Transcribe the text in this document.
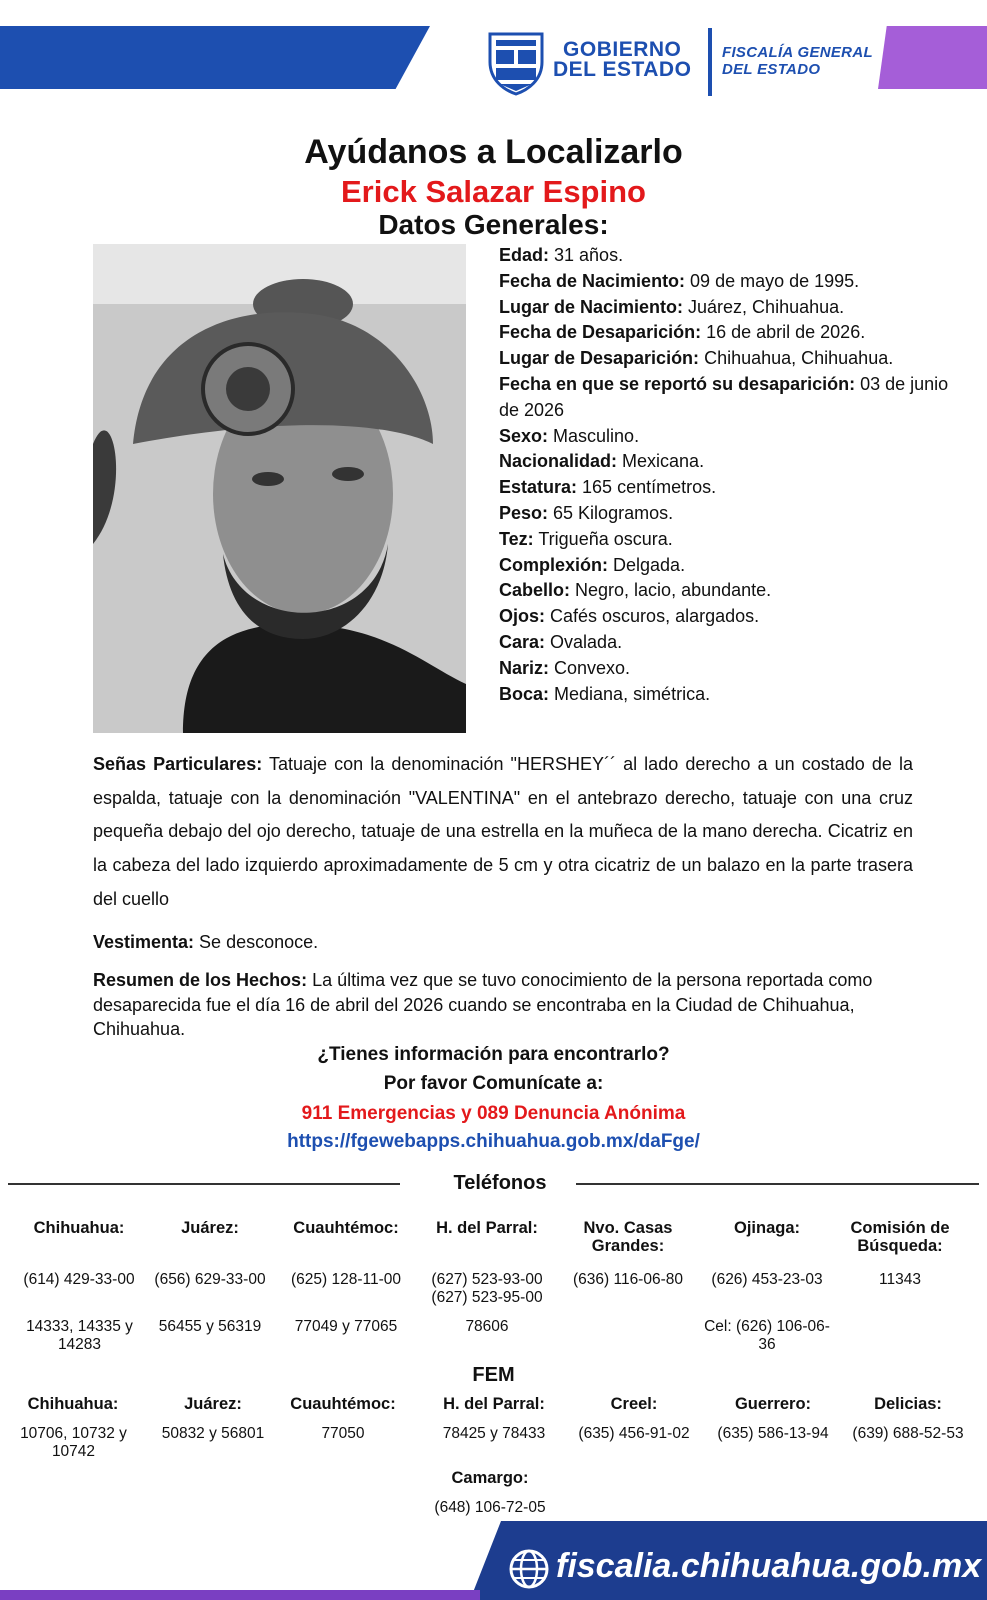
GOBIERNO
DEL ESTADO
FISCALÍA GENERAL
DEL ESTADO
Ayúdanos a Localizarlo
Erick Salazar Espino
Datos Generales:
Edad: 31 años.
Fecha de Nacimiento: 09 de mayo de 1995.
Lugar de Nacimiento: Juárez, Chihuahua.
Fecha de Desaparición: 16 de abril de 2026.
Lugar de Desaparición: Chihuahua, Chihuahua.
Fecha en que se reportó su desaparición: 03 de junio de 2026
Sexo: Masculino.
Nacionalidad: Mexicana.
Estatura: 165 centímetros.
Peso: 65 Kilogramos.
Tez: Trigueña oscura.
Complexión: Delgada.
Cabello: Negro, lacio, abundante.
Ojos: Cafés oscuros, alargados.
Cara: Ovalada.
Nariz: Convexo.
Boca: Mediana, simétrica.
Señas Particulares: Tatuaje con la denominación "HERSHEY´´ al lado derecho a un costado de la espalda, tatuaje con la denominación "VALENTINA" en el antebrazo derecho, tatuaje con una cruz pequeña debajo del ojo derecho, tatuaje de una estrella en la muñeca de la mano derecha. Cicatriz en la cabeza del lado izquierdo aproximadamente de 5 cm y otra cicatriz de un balazo en la parte trasera del cuello
Vestimenta: Se desconoce.
Resumen de los Hechos: La última vez que se tuvo conocimiento de la persona reportada como desaparecida fue el día 16 de abril del 2026 cuando se encontraba en la Ciudad de Chihuahua, Chihuahua.
¿Tienes información para encontrarlo?
Por favor Comunícate a:
911 Emergencias y 089 Denuncia Anónima
https://fgewebapps.chihuahua.gob.mx/daFge/
Teléfonos
Chihuahua:
(614) 429-33-00
14333, 14335 y 14283
Juárez:
(656) 629-33-00
56455 y 56319
Cuauhtémoc:
(625) 128-11-00
77049 y 77065
H. del Parral:
(627) 523-93-00 (627) 523-95-00
78606
Nvo. Casas Grandes:
(636) 116-06-80
Ojinaga:
(626) 453-23-03
Cel: (626) 106-06-36
Comisión de Búsqueda:
11343
FEM
Chihuahua:
10706, 10732 y 10742
Juárez:
50832 y 56801
Cuauhtémoc:
77050
H. del Parral:
78425 y 78433
Creel:
(635) 456-91-02
Guerrero:
(635) 586-13-94
Delicias:
(639) 688-52-53
Camargo:
(648) 106-72-05
fiscalia.chihuahua.gob.mx
